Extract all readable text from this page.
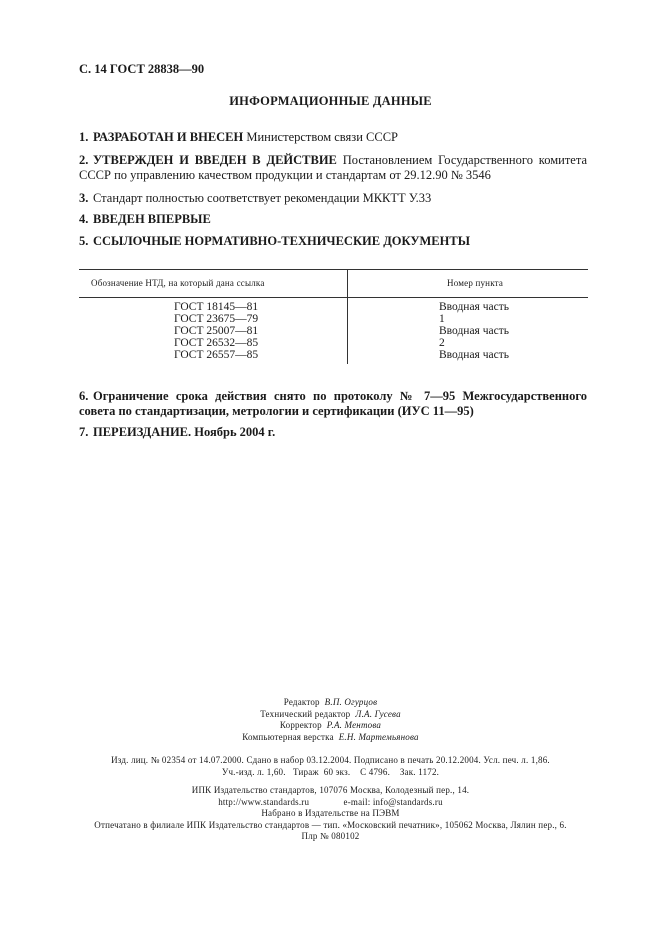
С. 14 ГОСТ 28838—90
ИНФОРМАЦИОННЫЕ ДАННЫЕ
1. РАЗРАБОТАН И ВНЕСЕН Министерством связи СССР
2. УТВЕРЖДЕН И ВВЕДЕН В ДЕЙСТВИЕ Постановлением Государственного комитета СССР по управлению качеством продукции и стандартам от 29.12.90 № 3546
3. Стандарт полностью соответствует рекомендации МККТТ У.33
4. ВВЕДЕН ВПЕРВЫЕ
5. ССЫЛОЧНЫЕ НОРМАТИВНО-ТЕХНИЧЕСКИЕ ДОКУМЕНТЫ
Обозначение НТД, на который дана ссылка	Номер пункта
ГОСТ 18145—81	Вводная часть
ГОСТ 23675—79	1
ГОСТ 25007—81	Вводная часть
ГОСТ 26532—85	2
ГОСТ 26557—85	Вводная часть
6. Ограничение срока действия снято по протоколу № 7—95 Межгосударственного совета по стандартизации, метрологии и сертификации (ИУС 11—95)
7. ПЕРЕИЗДАНИЕ. Ноябрь 2004 г.
Редактор В.П. Огурцов
Технический редактор Л.А. Гусева
Корректор Р.А. Ментова
Компьютерная верстка Е.Н. Мартемьянова
Изд. лиц. № 02354 от 14.07.2000. Сдано в набор 03.12.2004. Подписано в печать 20.12.2004. Усл. печ. л. 1,86.
Уч.-изд. л. 1,60.   Тираж  60 экз.    С 4796.    Зак. 1172.
ИПК Издательство стандартов, 107076 Москва, Колодезный пер., 14.
http://www.standards.ru              e-mail: info@standards.ru
Набрано в Издательстве на ПЭВМ
Отпечатано в филиале ИПК Издательство стандартов — тип. «Московский печатник», 105062 Москва, Лялин пер., 6.
Плр № 080102
